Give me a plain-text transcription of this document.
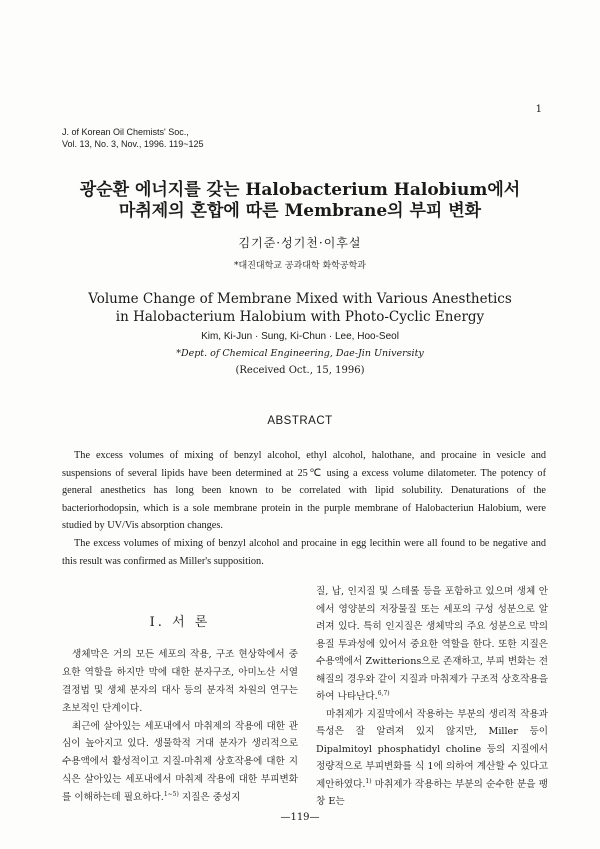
1
J. of Korean Oil Chemists' Soc.,
Vol. 13, No. 3, Nov., 1996. 119~125
광순환 에너지를 갖는 Halobacterium Halobium에서
마취제의 혼합에 따른 Membrane의 부피 변화
김기준·성기천·이후설
*대진대학교 공과대학 화학공학과
Volume Change of Membrane Mixed with Various Anesthetics
in Halobacterium Halobium with Photo-Cyclic Energy
Kim, Ki-Jun · Sung, Ki-Chun · Lee, Hoo-Seol
*Dept. of Chemical Engineering, Dae-Jin University
(Received Oct., 15, 1996)
ABSTRACT

The excess volumes of mixing of benzyl alcohol, ethyl alcohol, halothane, and procaine in vesicle and suspensions of several lipids have been determined at 25℃ using a excess volume dilatometer. The potency of general anesthetics has long been known to be correlated with lipid solubility. Denaturations of the bacteriorhodopsin, which is a sole membrane protein in the purple membrane of Halobacteriun Halobium, were studied by UV/Vis absorption changes.

The excess volumes of mixing of benzyl alcohol and procaine in egg lecithin were all found to be negative and this result was confirmed as Miller's supposition.

I. 서 론

생체막은 거의 모든 세포의 작용, 구조 현상학에서 중요한 역할을 하지만 막에 대한 분자구조, 아미노산 서열 결정법 및 생체 분자의 대사 등의 분자적 차원의 연구는 초보적인 단계이다.

최근에 살아있는 세포내에서 마취제의 작용에 대한 관심이 높아지고 있다. 생물학적 거대 분자가 생리적으로 수용액에서 활성적이고 지질-마취제 상호작용에 대한 지식은 살아있는 세포내에서 마취제 작용에 대한 부피변화를 이해하는데 필요하다.$^{1\sim 5)}$ 지질은 중성지

질, 납, 인지질 및 스테롤 등을 포함하고 있으며 생체 안에서 영양분의 저장물질 또는 세포의 구성 성분으로 알려져 있다. 특히 인지질은 생체막의 주요 성분으로 막의 용질 투과성에 있어서 중요한 역할을 한다. 또한 지질은 수용액에서 Zwitterions으로 존재하고, 부피 변화는 전해질의 경우와 같이 지질과 마취제가 구조적 상호작용을 하여 나타난다.$^{6,7)}$

마취제가 지질막에서 작용하는 부분의 생리적 작용과 특성은 잘 알려져 있지 않지만, Miller 등이 Dipalmitoyl phosphatidyl choline 등의 지질에서 정량적으로 부피변화를 식 1에 의하여 계산할 수 있다고 제안하였다.$^{1)}$ 마취제가 작용하는 부분의 순수한 분을 팽창 E는

—119—
